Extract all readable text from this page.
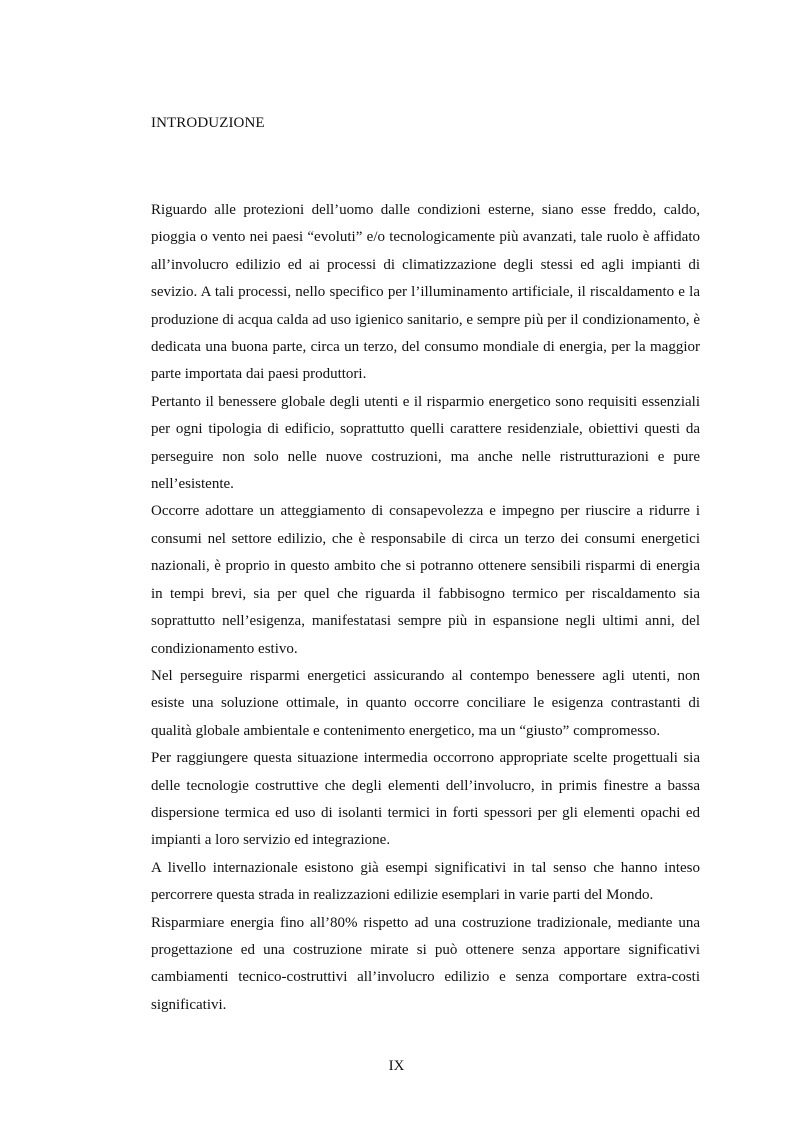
INTRODUZIONE

Riguardo alle protezioni dell’uomo dalle condizioni esterne, siano esse freddo, caldo, pioggia o vento nei paesi “evoluti” e/o tecnologicamente più avanzati, tale ruolo è affidato all’involucro edilizio ed ai processi di climatizzazione degli stessi ed agli impianti di sevizio. A tali processi, nello specifico per l’illuminamento artificiale, il riscaldamento e la produzione di acqua calda ad uso igienico sanitario, e sempre più per il condizionamento, è dedicata una buona parte, circa un terzo, del consumo mondiale di energia, per la maggior parte importata dai paesi produttori.

Pertanto il benessere globale degli utenti e il risparmio energetico sono requisiti essenziali per ogni tipologia di edificio, soprattutto quelli carattere residenziale, obiettivi questi da perseguire non solo nelle nuove costruzioni, ma anche nelle ristrutturazioni e pure nell’esistente.

Occorre adottare un atteggiamento di consapevolezza e impegno per riuscire a ridurre i consumi nel settore edilizio, che è responsabile di circa un terzo dei consumi energetici nazionali, è proprio in questo ambito che si potranno ottenere sensibili risparmi di energia in tempi brevi, sia per quel che riguarda il fabbisogno termico per riscaldamento sia soprattutto nell’esigenza, manifestatasi sempre più in espansione negli ultimi anni, del condizionamento estivo.

Nel perseguire risparmi energetici assicurando al contempo benessere agli utenti, non esiste una soluzione ottimale, in quanto occorre conciliare le esigenza contrastanti di qualità globale ambientale e contenimento energetico, ma un “giusto” compromesso.

Per raggiungere questa situazione intermedia occorrono appropriate scelte progettuali sia delle tecnologie costruttive che degli elementi dell’involucro, in primis finestre a bassa dispersione termica ed uso di isolanti termici in forti spessori per gli elementi opachi ed impianti a loro servizio ed integrazione.

A livello internazionale esistono già esempi significativi in tal senso che hanno inteso percorrere questa strada in realizzazioni edilizie esemplari in varie parti del Mondo.

Risparmiare energia fino all’80% rispetto ad una costruzione tradizionale, mediante una progettazione ed una costruzione mirate si può ottenere senza apportare significativi cambiamenti tecnico-costruttivi all’involucro edilizio e senza comportare extra-costi significativi.

IX
